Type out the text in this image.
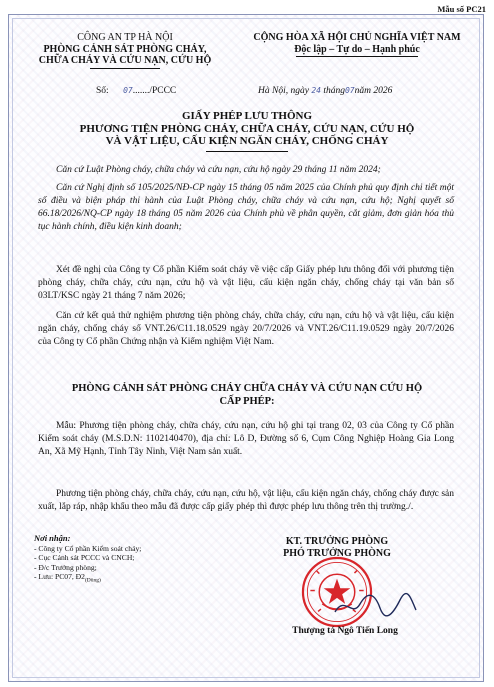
Mẫu số PC21
CÔNG AN TP HÀ NỘI
PHÒNG CẢNH SÁT PHÒNG CHÁY,
CHỮA CHÁY VÀ CỨU NẠN, CỨU HỘ
CỘNG HÒA XÃ HỘI CHỦ NGHĨA VIỆT NAM
Độc lập – Tự do – Hạnh phúc
Số: 07......./PCCC	Hà Nội, ngày 24 tháng07năm 2026
GIẤY PHÉP LƯU THÔNG
PHƯƠNG TIỆN PHÒNG CHÁY, CHỮA CHÁY, CỨU NẠN, CỨU HỘ
VÀ VẬT LIỆU, CẤU KIỆN NGĂN CHÁY, CHỐNG CHÁY
Căn cứ Luật Phòng cháy, chữa cháy và cứu nạn, cứu hộ ngày 29 tháng 11 năm 2024;
Căn cứ Nghị định số 105/2025/NĐ-CP ngày 15 tháng 05 năm 2025 của Chính phủ quy định chi tiết một số điều và biện pháp thi hành của Luật Phòng cháy, chữa cháy và cứu nạn, cứu hộ; Nghị quyết số 66.18/2026/NQ-CP ngày 18 tháng 05 năm 2026 của Chính phủ về phân quyền, cắt giảm, đơn giản hóa thủ tục hành chính, điều kiện kinh doanh;
Xét đề nghị của Công ty Cổ phần Kiểm soát cháy về việc cấp Giấy phép lưu thông đối với phương tiện phòng cháy, chữa cháy, cứu nạn, cứu hộ và vật liệu, cấu kiện ngăn cháy, chống cháy tại văn bản số 03LT/KSC ngày 21 tháng 7 năm 2026;
Căn cứ kết quả thử nghiệm phương tiện phòng cháy, chữa cháy, cứu nạn, cứu hộ và vật liệu, cấu kiện ngăn cháy, chống cháy số VNT.26/C11.18.0529 ngày 20/7/2026 và VNT.26/C11.19.0529 ngày 20/7/2026 của Công ty Cổ phần Chứng nhận và Kiểm nghiệm Việt Nam.
PHÒNG CẢNH SÁT PHÒNG CHÁY CHỮA CHÁY VÀ CỨU NẠN CỨU HỘ
CẤP PHÉP:
Mẫu: Phương tiện phòng cháy, chữa cháy, cứu nạn, cứu hộ ghi tại trang 02, 03 của Công ty Cổ phần Kiểm soát cháy (M.S.D.N: 1102140470), địa chỉ: Lô D, Đường số 6, Cụm Công Nghiệp Hoàng Gia Long An, Xã Mỹ Hạnh, Tỉnh Tây Ninh, Việt Nam sản xuất.
Phương tiện phòng cháy, chữa cháy, cứu nạn, cứu hộ, vật liệu, cấu kiện ngăn cháy, chống cháy được sản xuất, lắp ráp, nhập khẩu theo mẫu đã được cấp giấy phép thì được phép lưu thông trên thị trường./.
Nơi nhận:
- Công ty Cổ phần Kiểm soát cháy;
- Cục Cảnh sát PCCC và CNCH;
- Đ/c Trưởng phòng;
- Lưu: PC07, $Đ2_{(Dũng)}$
KT. TRƯỞNG PHÒNG
PHÓ TRƯỞNG PHÒNG
Thượng tá Ngô Tiến Long
